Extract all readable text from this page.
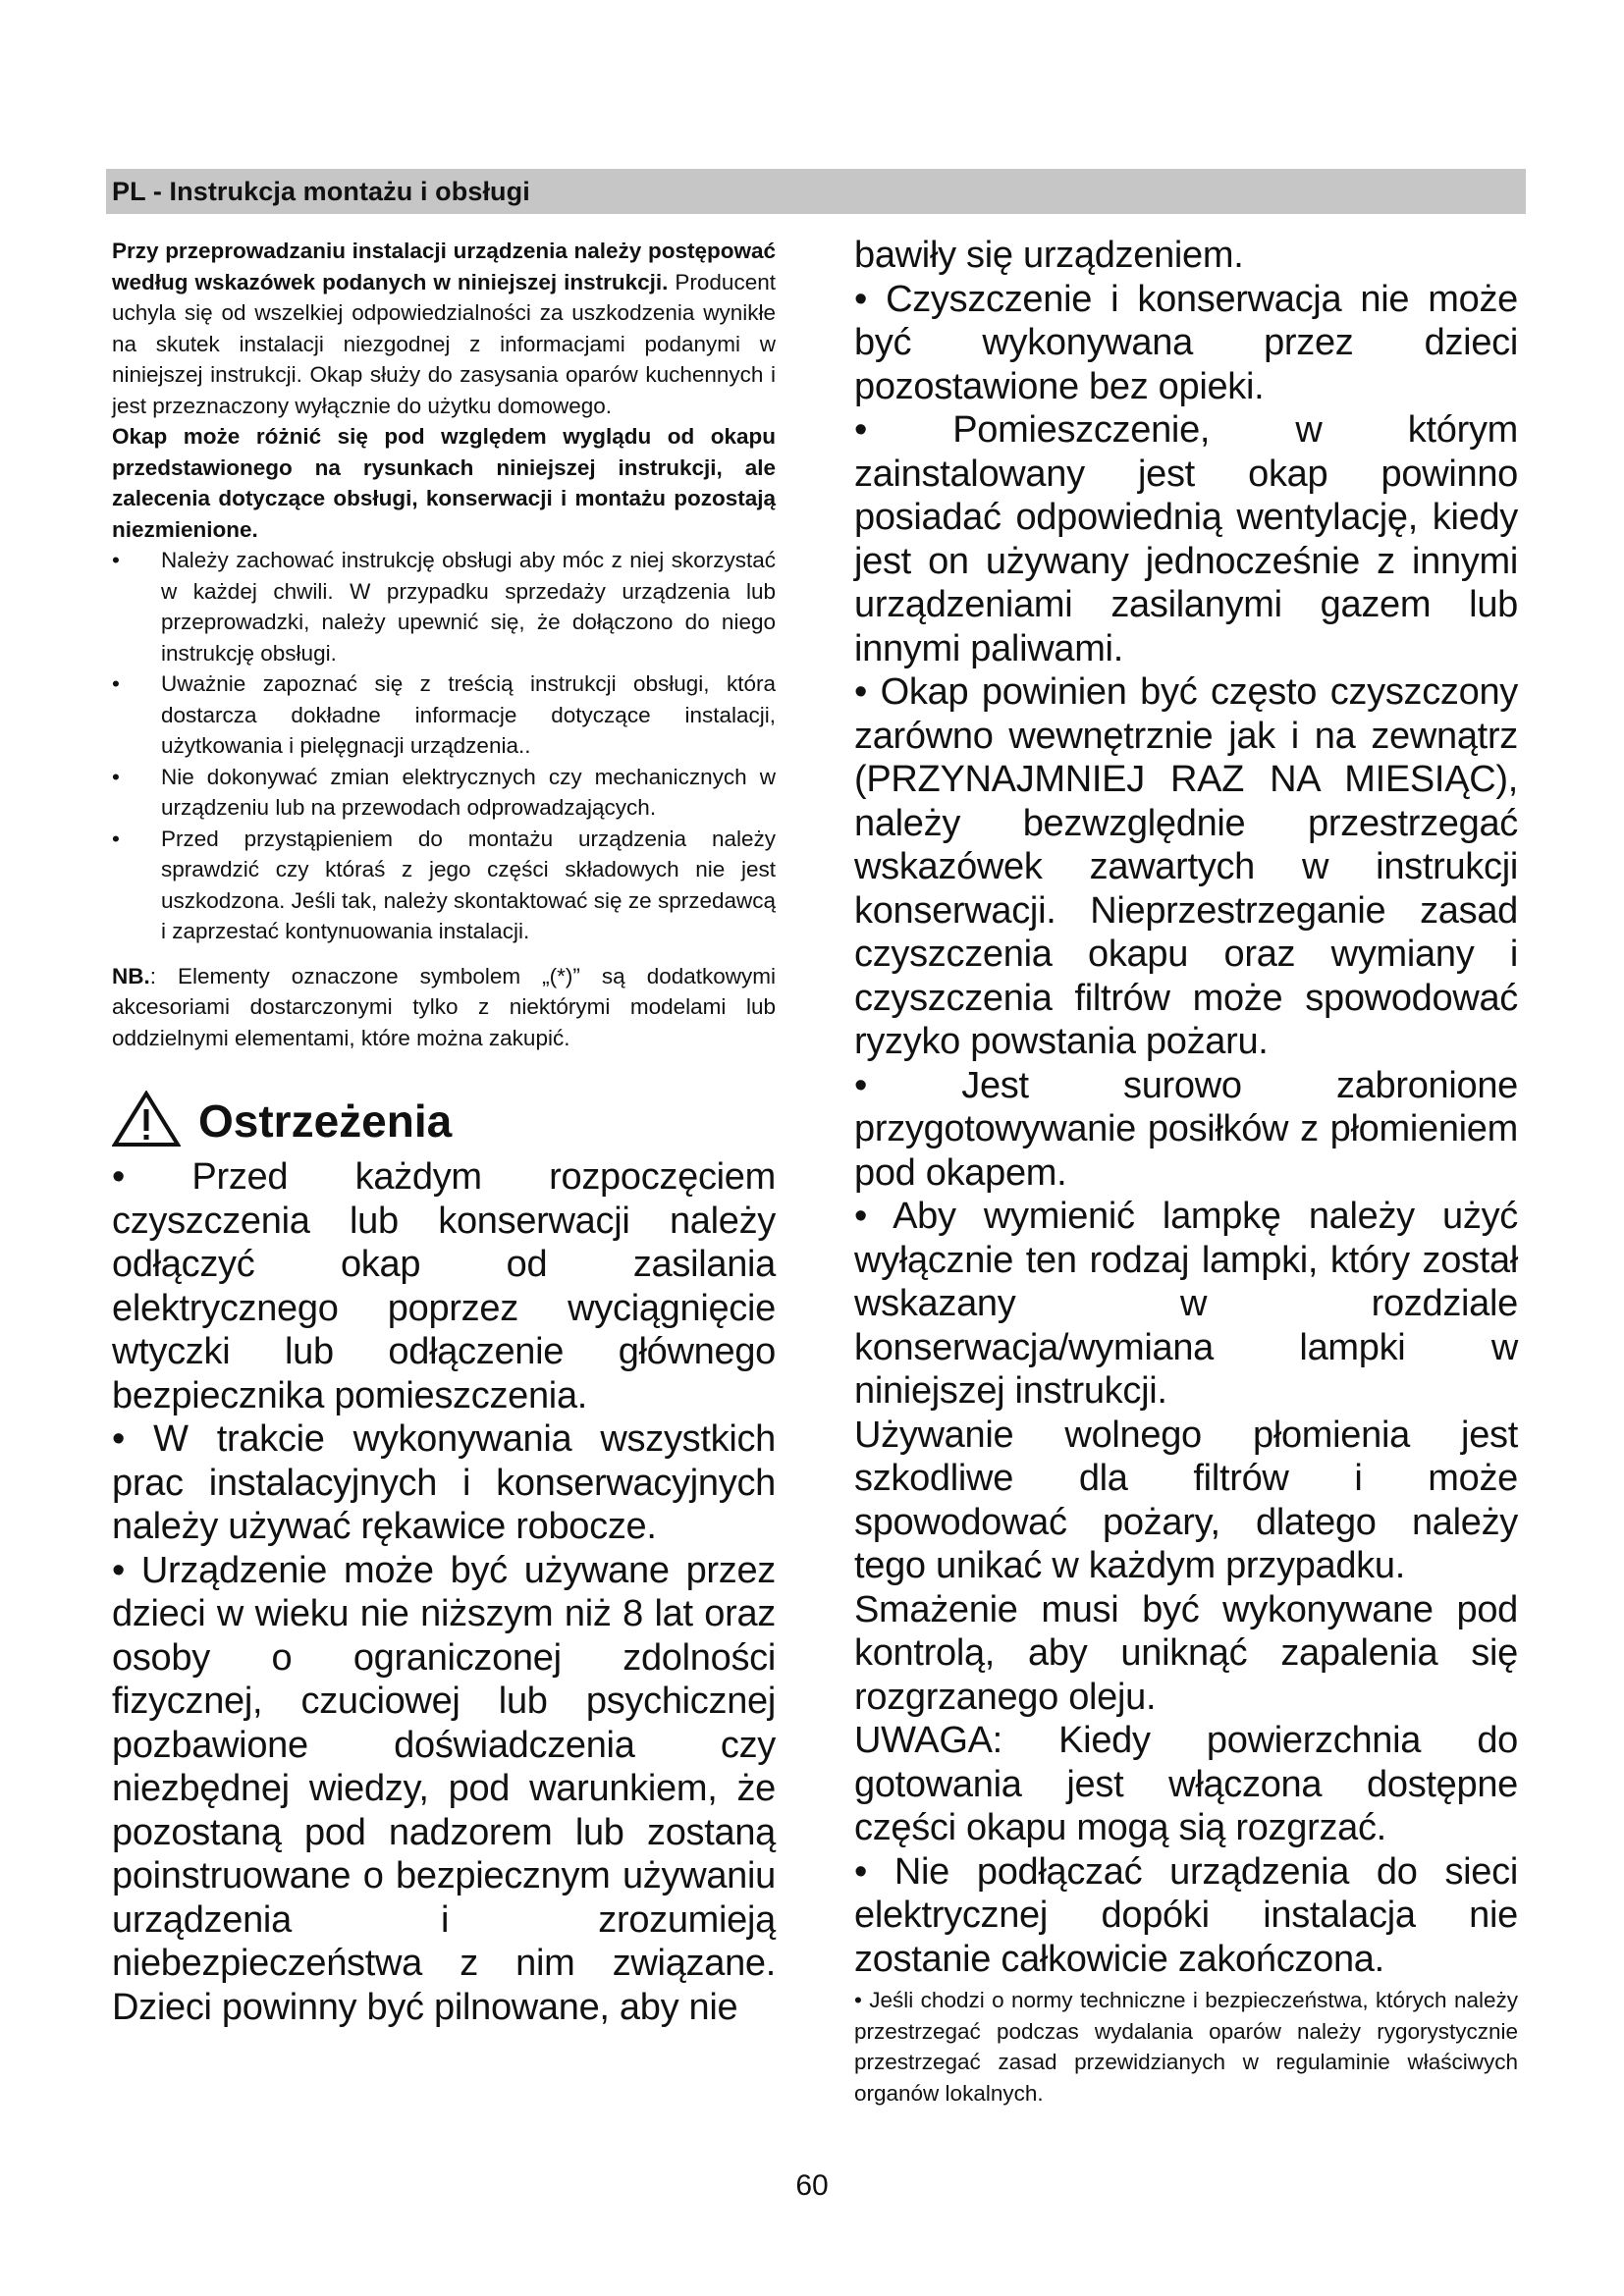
PL - Instrukcja montażu i obsługi

Przy przeprowadzaniu instalacji urządzenia należy postępować według wskazówek podanych w niniejszej instrukcji. Producent uchyla się od wszelkiej odpowiedzialności za uszkodzenia wynikłe na skutek instalacji niezgodnej z informacjami podanymi w niniejszej instrukcji. Okap służy do zasysania oparów kuchennych i jest przeznaczony wyłącznie do użytku domowego.

Okap może różnić się pod względem wyglądu od okapu przedstawionego na rysunkach niniejszej instrukcji, ale zalecenia dotyczące obsługi, konserwacji i montażu pozostają niezmienione.

• Należy zachować instrukcję obsługi aby móc z niej skorzystać w każdej chwili. W przypadku sprzedaży urządzenia lub przeprowadzki, należy upewnić się, że dołączono do niego instrukcję obsługi.
• Uważnie zapoznać się z treścią instrukcji obsługi, która dostarcza dokładne informacje dotyczące instalacji, użytkowania i pielęgnacji urządzenia..
• Nie dokonywać zmian elektrycznych czy mechanicznych w urządzeniu lub na przewodach odprowadzających.
• Przed przystąpieniem do montażu urządzenia należy sprawdzić czy któraś z jego części składowych nie jest uszkodzona. Jeśli tak, należy skontaktować się ze sprzedawcą i zaprzestać kontynuowania instalacji.

NB.: Elementy oznaczone symbolem „(*)” są dodatkowymi akcesoriami dostarczonymi tylko z niektórymi modelami lub oddzielnymi elementami, które można zakupić.

Ostrzeżenia

• Przed każdym rozpoczęciem czyszczenia lub konserwacji należy odłączyć okap od zasilania elektrycznego poprzez wyciągnięcie wtyczki lub odłączenie głównego bezpiecznika pomieszczenia.

• W trakcie wykonywania wszystkich prac instalacyjnych i konserwacyjnych należy używać rękawice robocze.

• Urządzenie może być używane przez dzieci w wieku nie niższym niż 8 lat oraz osoby o ograniczonej zdolności fizycznej, czuciowej lub psychicznej pozbawione doświadczenia czy niezbędnej wiedzy, pod warunkiem, że pozostaną pod nadzorem lub zostaną poinstruowane o bezpiecznym używaniu urządzenia i zrozumieją niebezpieczeństwa z nim związane. Dzieci powinny być pilnowane, aby nie

bawiły się urządzeniem.

• Czyszczenie i konserwacja nie może być wykonywana przez dzieci pozostawione bez opieki.

• Pomieszczenie, w którym zainstalowany jest okap powinno posiadać odpowiednią wentylację, kiedy jest on używany jednocześnie z innymi urządzeniami zasilanymi gazem lub innymi paliwami.

• Okap powinien być często czyszczony zarówno wewnętrznie jak i na zewnątrz (PRZYNAJMNIEJ RAZ NA MIESIĄC), należy bezwzględnie przestrzegać wskazówek zawartych w instrukcji konserwacji. Nieprzestrzeganie zasad czyszczenia okapu oraz wymiany i czyszczenia filtrów może spowodować ryzyko powstania pożaru.

• Jest surowo zabronione przygotowywanie posiłków z płomieniem pod okapem.

• Aby wymienić lampkę należy użyć wyłącznie ten rodzaj lampki, który został wskazany w rozdziale konserwacja/wymiana lampki w niniejszej instrukcji.

Używanie wolnego płomienia jest szkodliwe dla filtrów i może spowodować pożary, dlatego należy tego unikać w każdym przypadku.

Smażenie musi być wykonywane pod kontrolą, aby uniknąć zapalenia się rozgrzanego oleju.

UWAGA: Kiedy powierzchnia do gotowania jest włączona dostępne części okapu mogą sią rozgrzać.

• Nie podłączać urządzenia do sieci elektrycznej dopóki instalacja nie zostanie całkowicie zakończona.

• Jeśli chodzi o normy techniczne i bezpieczeństwa, których należy przestrzegać podczas wydalania oparów należy rygorystycznie przestrzegać zasad przewidzianych w regulaminie właściwych organów lokalnych.

60
